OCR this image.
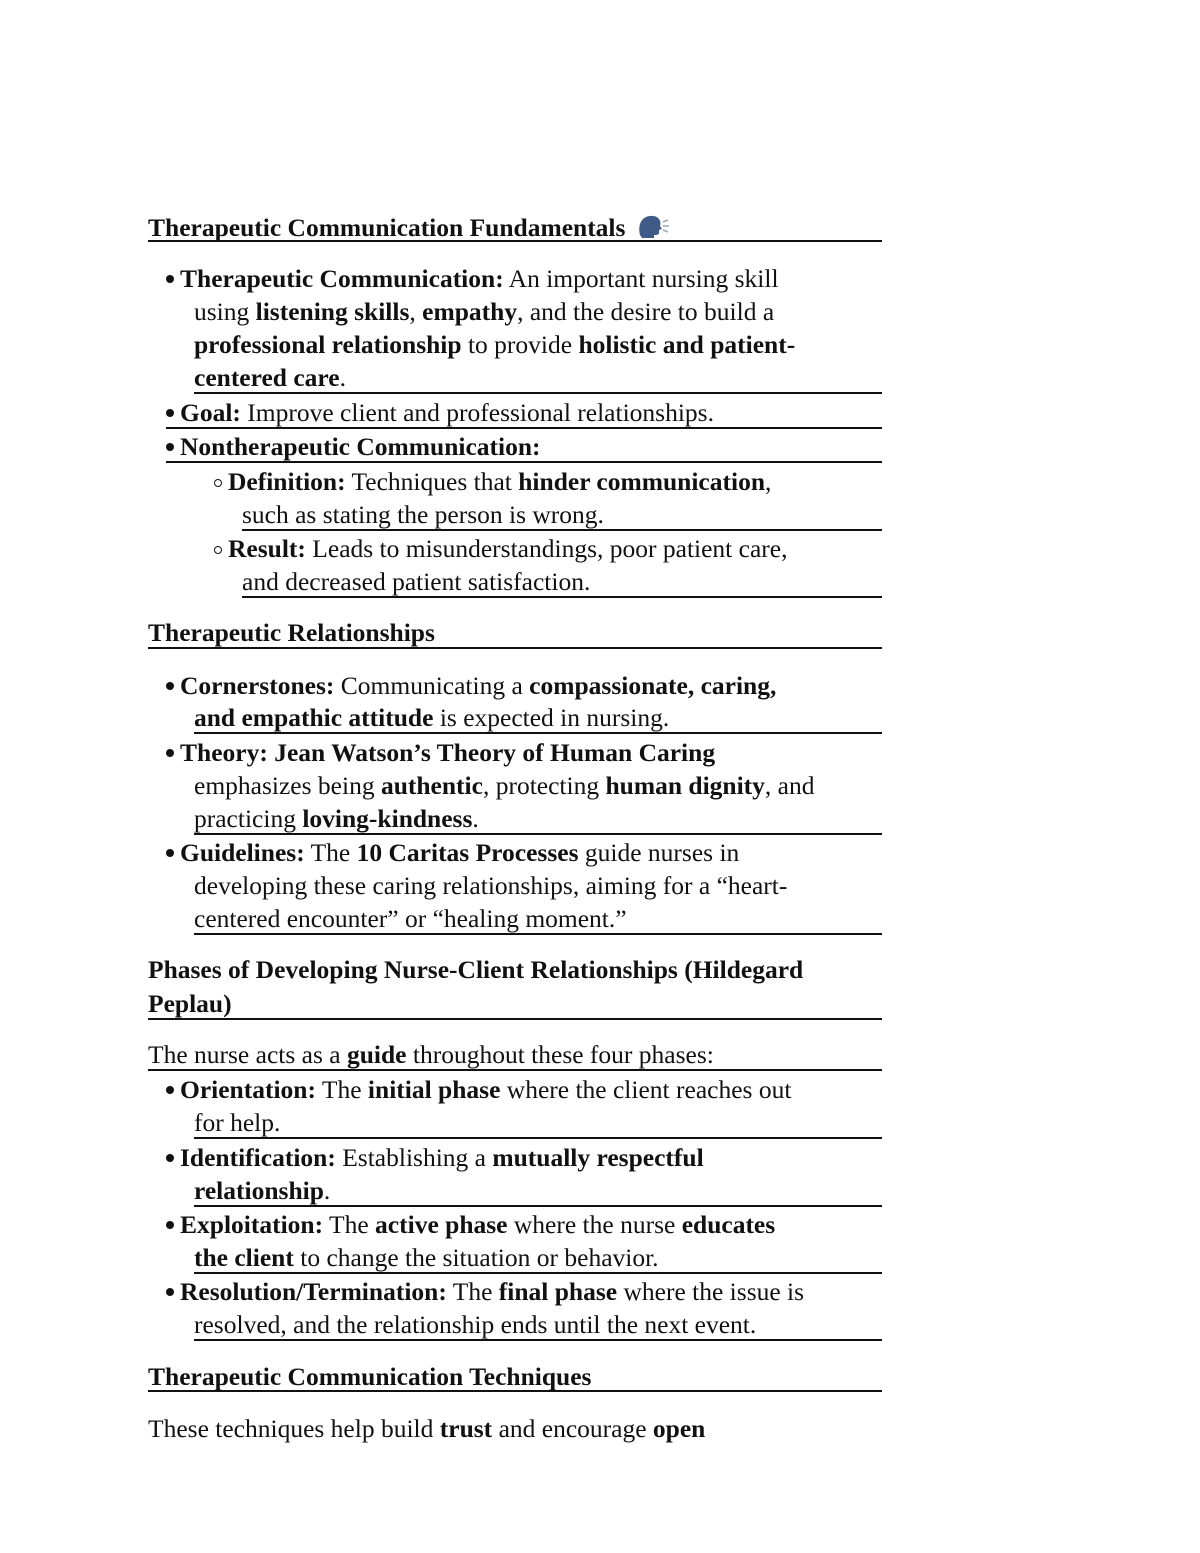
Therapeutic Communication Fundamentals
Therapeutic Communication: An important nursing skill
using listening skills, empathy, and the desire to build a
professional relationship to provide holistic and patient-
centered care.
Goal: Improve client and professional relationships.
Nontherapeutic Communication:
Definition: Techniques that hinder communication,
such as stating the person is wrong.
Result: Leads to misunderstandings, poor patient care,
and decreased patient satisfaction.
Therapeutic Relationships
Cornerstones: Communicating a compassionate, caring,
and empathic attitude is expected in nursing.
Theory: Jean Watson’s Theory of Human Caring
emphasizes being authentic, protecting human dignity, and
practicing loving-kindness.
Guidelines: The 10 Caritas Processes guide nurses in
developing these caring relationships, aiming for a “heart-
centered encounter” or “healing moment.”
Phases of Developing Nurse-Client Relationships (Hildegard
Peplau)
The nurse acts as a guide throughout these four phases:
Orientation: The initial phase where the client reaches out
for help.
Identification: Establishing a mutually respectful
relationship.
Exploitation: The active phase where the nurse educates
the client to change the situation or behavior.
Resolution/Termination: The final phase where the issue is
resolved, and the relationship ends until the next event.
Therapeutic Communication Techniques
These techniques help build trust and encourage open
